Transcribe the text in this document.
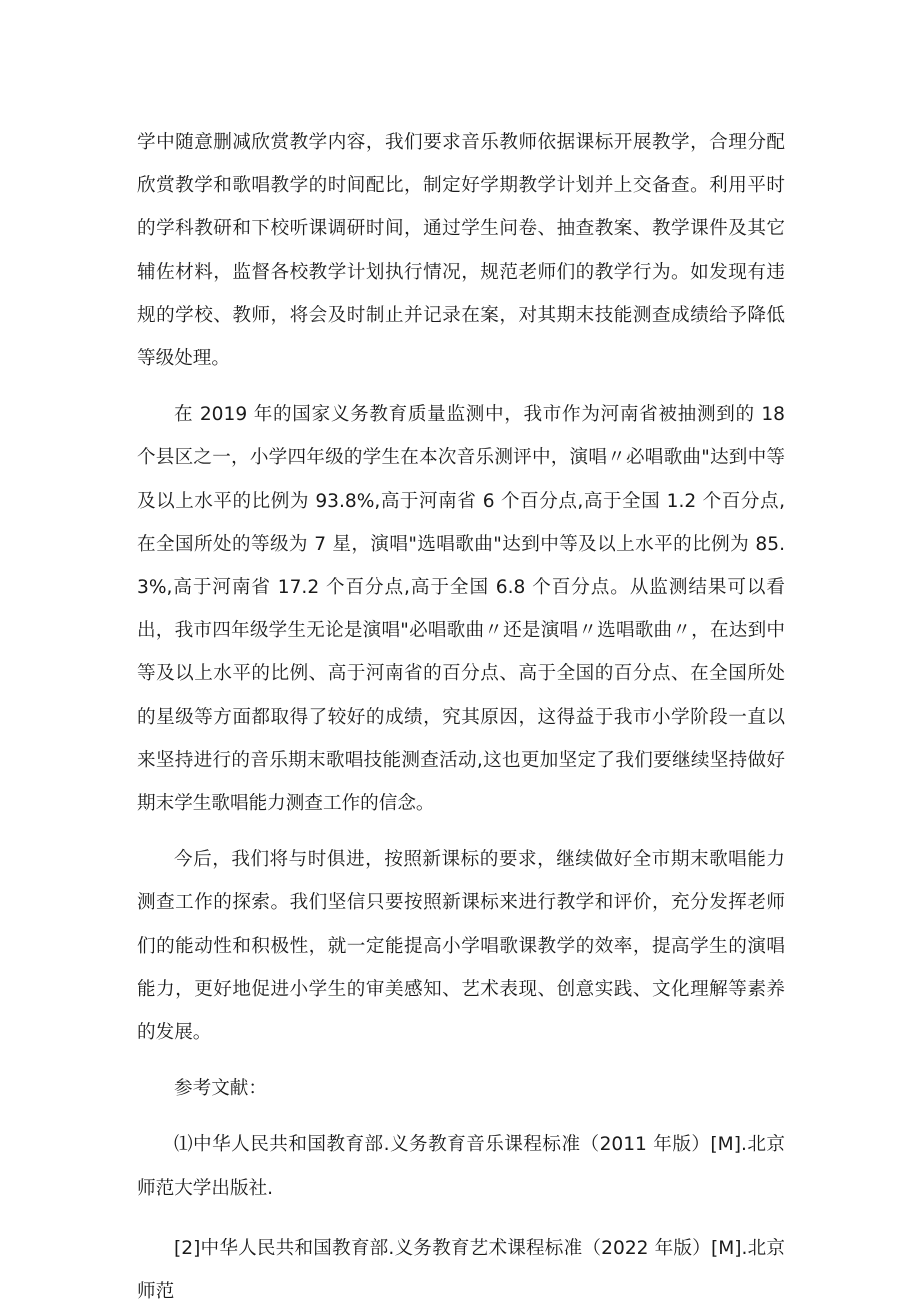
学中随意删减欣赏教学内容，我们要求音乐教师依据课标开展教学，合理分配欣赏教学和歌唱教学的时间配比，制定好学期教学计划并上交备查。利用平时的学科教研和下校听课调研时间，通过学生问卷、抽查教案、教学课件及其它辅佐材料，监督各校教学计划执行情况，规范老师们的教学行为。如发现有违规的学校、教师，将会及时制止并记录在案，对其期末技能测查成绩给予降低等级处理。

在 2019 年的国家义务教育质量监测中，我市作为河南省被抽测到的 18 个县区之一，小学四年级的学生在本次音乐测评中，演唱〃必唱歌曲"达到中等及以上水平的比例为 93.8%,高于河南省 6 个百分点,高于全国 1.2 个百分点,在全国所处的等级为 7 星，演唱"选唱歌曲"达到中等及以上水平的比例为 85.3%,高于河南省 17.2 个百分点,高于全国 6.8 个百分点。从监测结果可以看出，我市四年级学生无论是演唱"必唱歌曲〃还是演唱〃选唱歌曲〃，在达到中等及以上水平的比例、高于河南省的百分点、高于全国的百分点、在全国所处的星级等方面都取得了较好的成绩，究其原因，这得益于我市小学阶段一直以来坚持进行的音乐期末歌唱技能测查活动,这也更加坚定了我们要继续坚持做好期末学生歌唱能力测查工作的信念。

今后，我们将与时俱进，按照新课标的要求，继续做好全市期末歌唱能力测查工作的探索。我们坚信只要按照新课标来进行教学和评价，充分发挥老师们的能动性和积极性，就一定能提高小学唱歌课教学的效率，提高学生的演唱能力，更好地促进小学生的审美感知、艺术表现、创意实践、文化理解等素养的发展。

参考文献：

⑴中华人民共和国教育部.义务教育音乐课程标准（2011 年版）[M].北京师范大学出版社.

[2]中华人民共和国教育部.义务教育艺术课程标准（2022 年版）[M].北京师范
